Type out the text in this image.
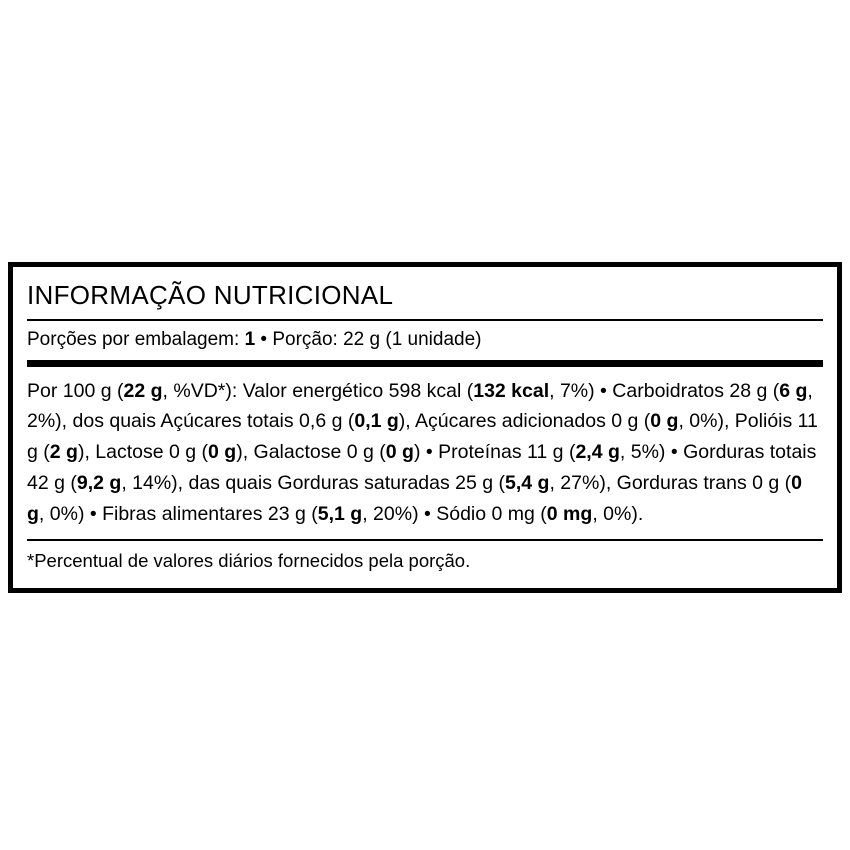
INFORMAÇÃO NUTRICIONAL
Porções por embalagem: 1 • Porção: 22 g (1 unidade)
Por 100 g (22 g, %VD*): Valor energético 598 kcal (132 kcal, 7%) • Carboidratos 28 g (6 g, 2%), dos quais Açúcares totais 0,6 g (0,1 g), Açúcares adicionados 0 g (0 g, 0%), Polióis 11 g (2 g), Lactose 0 g (0 g), Galactose 0 g (0 g) • Proteínas 11 g (2,4 g, 5%) • Gorduras totais 42 g (9,2 g, 14%), das quais Gorduras saturadas 25 g (5,4 g, 27%), Gorduras trans 0 g (0 g, 0%) • Fibras alimentares 23 g (5,1 g, 20%) • Sódio 0 mg (0 mg, 0%).
*Percentual de valores diários fornecidos pela porção.
